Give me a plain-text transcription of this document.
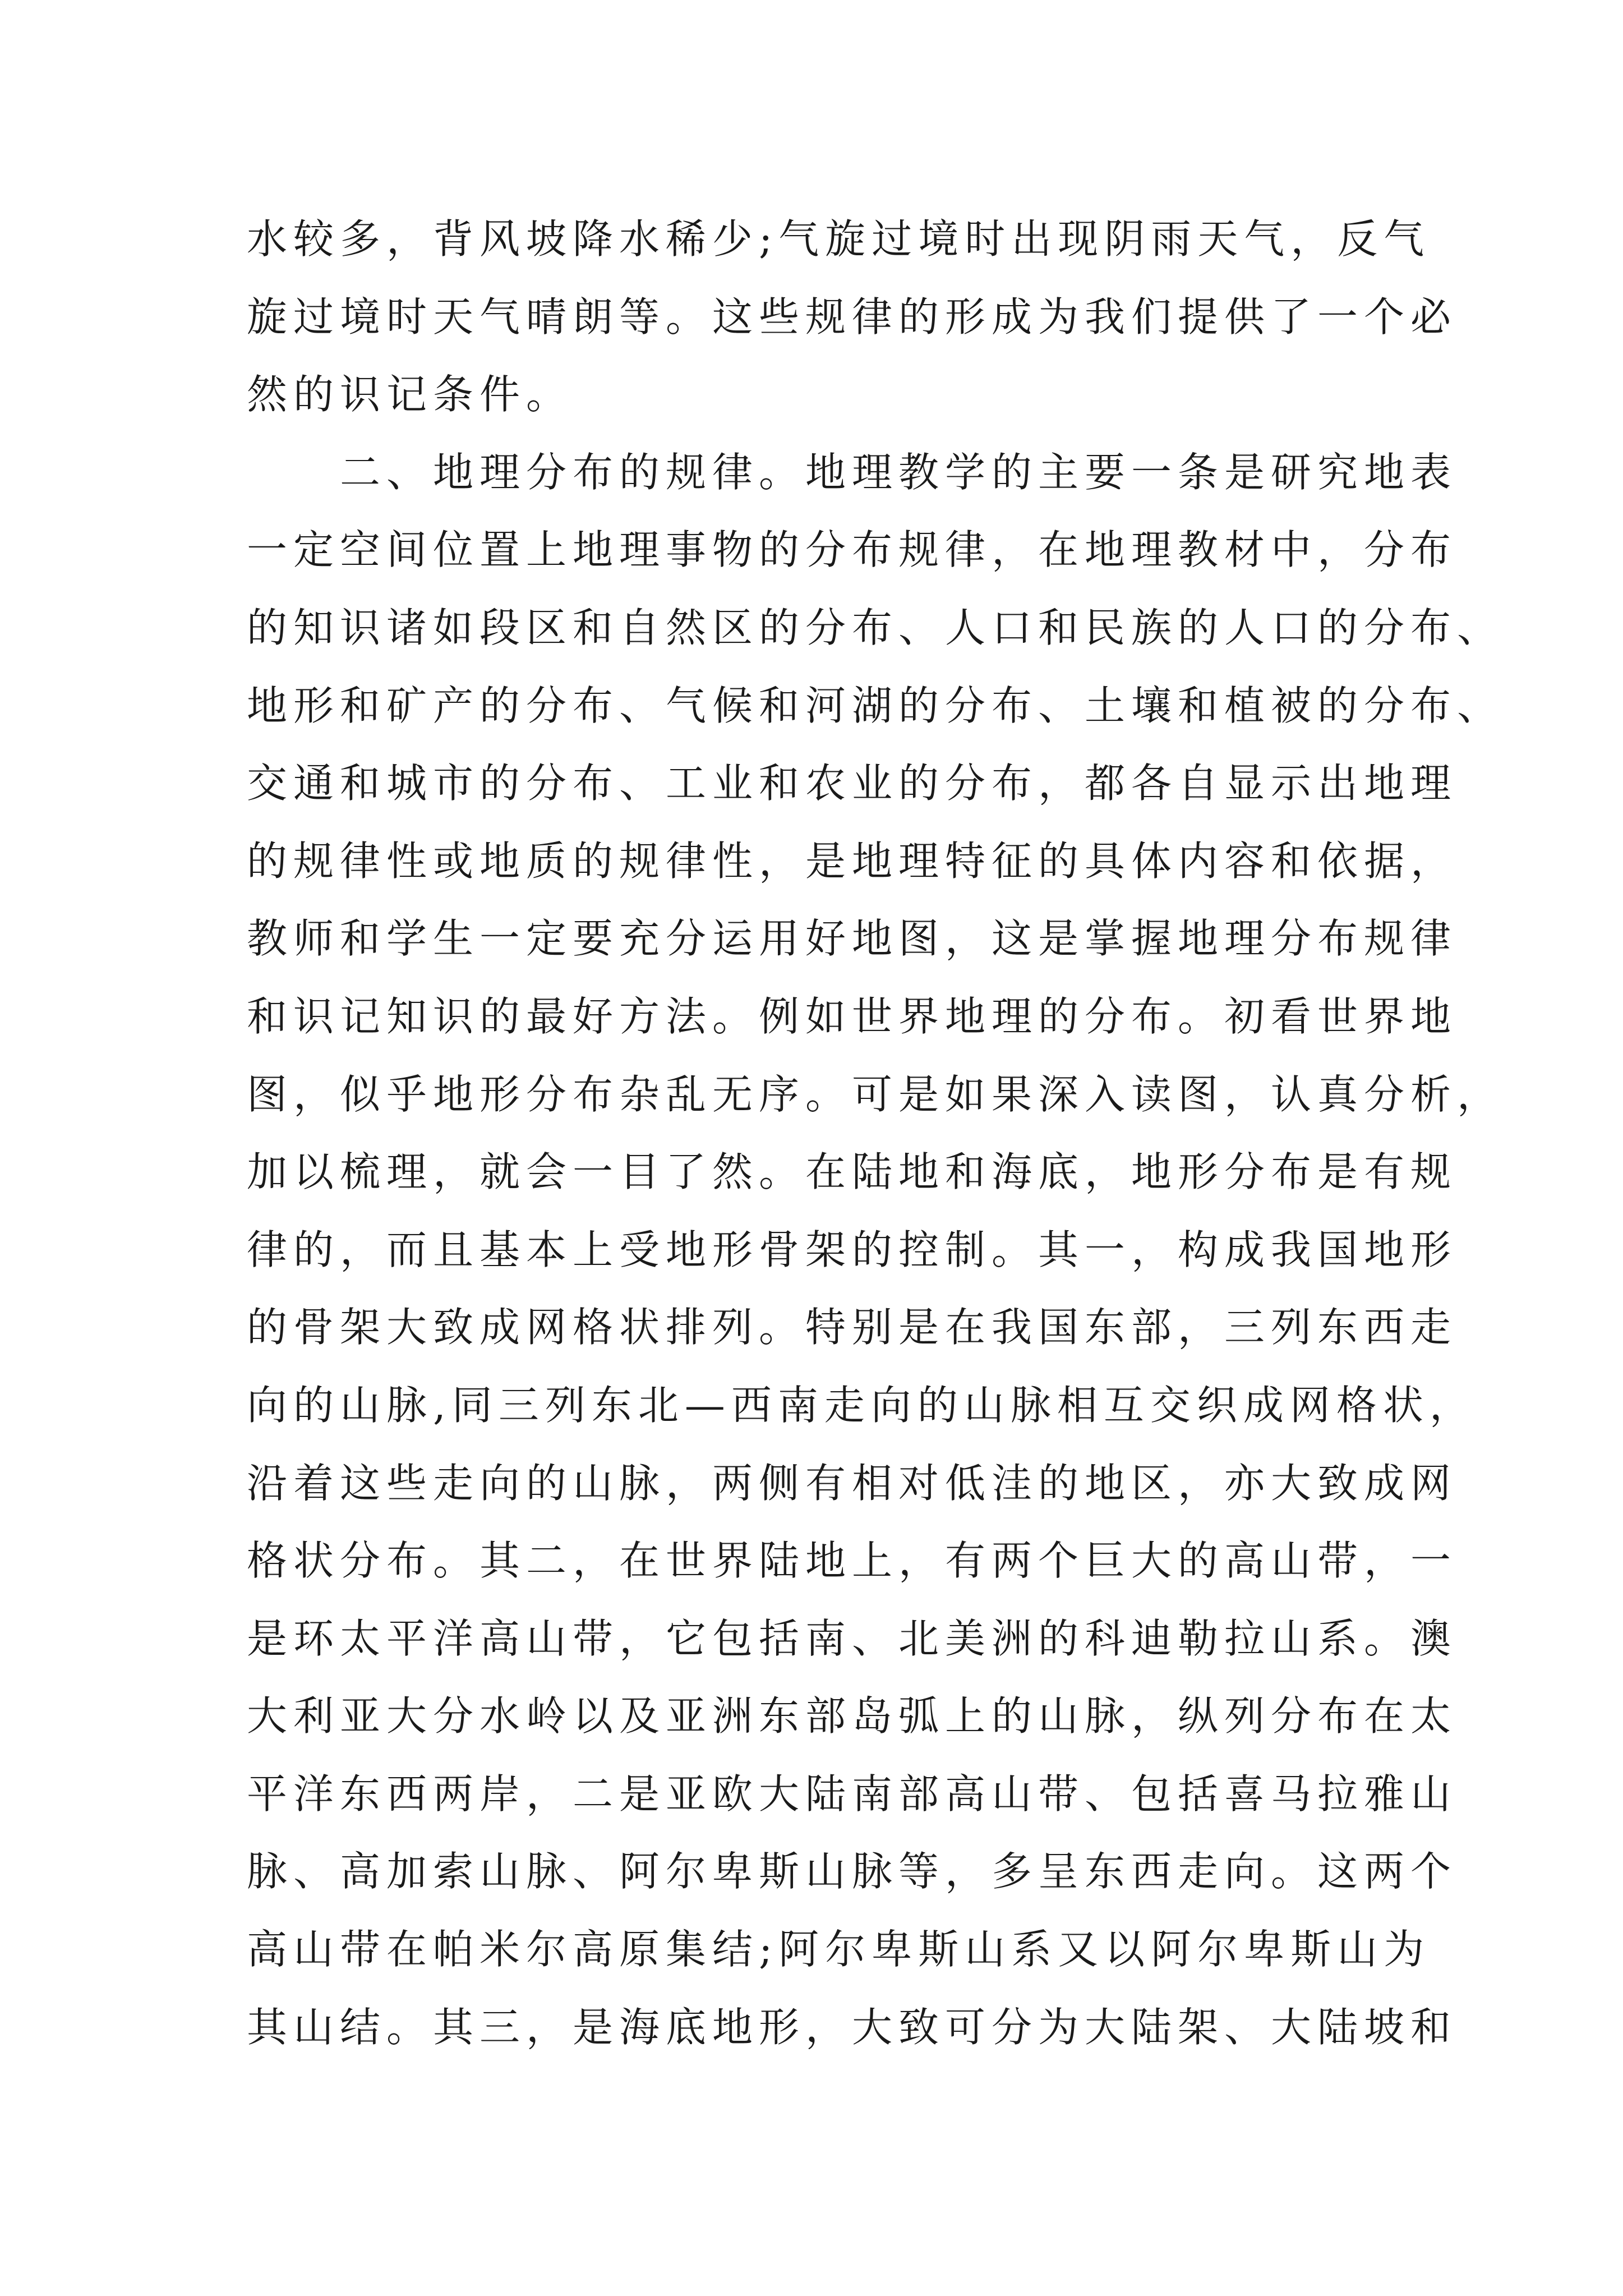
水较多，背风坡降水稀少;气旋过境时出现阴雨天气，反气
旋过境时天气晴朗等。这些规律的形成为我们提供了一个必
然的识记条件。
　　二、地理分布的规律。地理教学的主要一条是研究地表
一定空间位置上地理事物的分布规律，在地理教材中，分布
的知识诸如段区和自然区的分布、人口和民族的人口的分布、
地形和矿产的分布、气候和河湖的分布、土壤和植被的分布、
交通和城市的分布、工业和农业的分布，都各自显示出地理
的规律性或地质的规律性，是地理特征的具体内容和依据，
教师和学生一定要充分运用好地图，这是掌握地理分布规律
和识记知识的最好方法。例如世界地理的分布。初看世界地
图，似乎地形分布杂乱无序。可是如果深入读图，认真分析，
加以梳理，就会一目了然。在陆地和海底，地形分布是有规
律的，而且基本上受地形骨架的控制。其一，构成我国地形
的骨架大致成网格状排列。特别是在我国东部，三列东西走
向的山脉,同三列东北—西南走向的山脉相互交织成网格状，
沿着这些走向的山脉，两侧有相对低洼的地区，亦大致成网
格状分布。其二，在世界陆地上，有两个巨大的高山带，一
是环太平洋高山带，它包括南、北美洲的科迪勒拉山系。澳
大利亚大分水岭以及亚洲东部岛弧上的山脉，纵列分布在太
平洋东西两岸，二是亚欧大陆南部高山带、包括喜马拉雅山
脉、高加索山脉、阿尔卑斯山脉等，多呈东西走向。这两个
高山带在帕米尔高原集结;阿尔卑斯山系又以阿尔卑斯山为
其山结。其三，是海底地形，大致可分为大陆架、大陆坡和
